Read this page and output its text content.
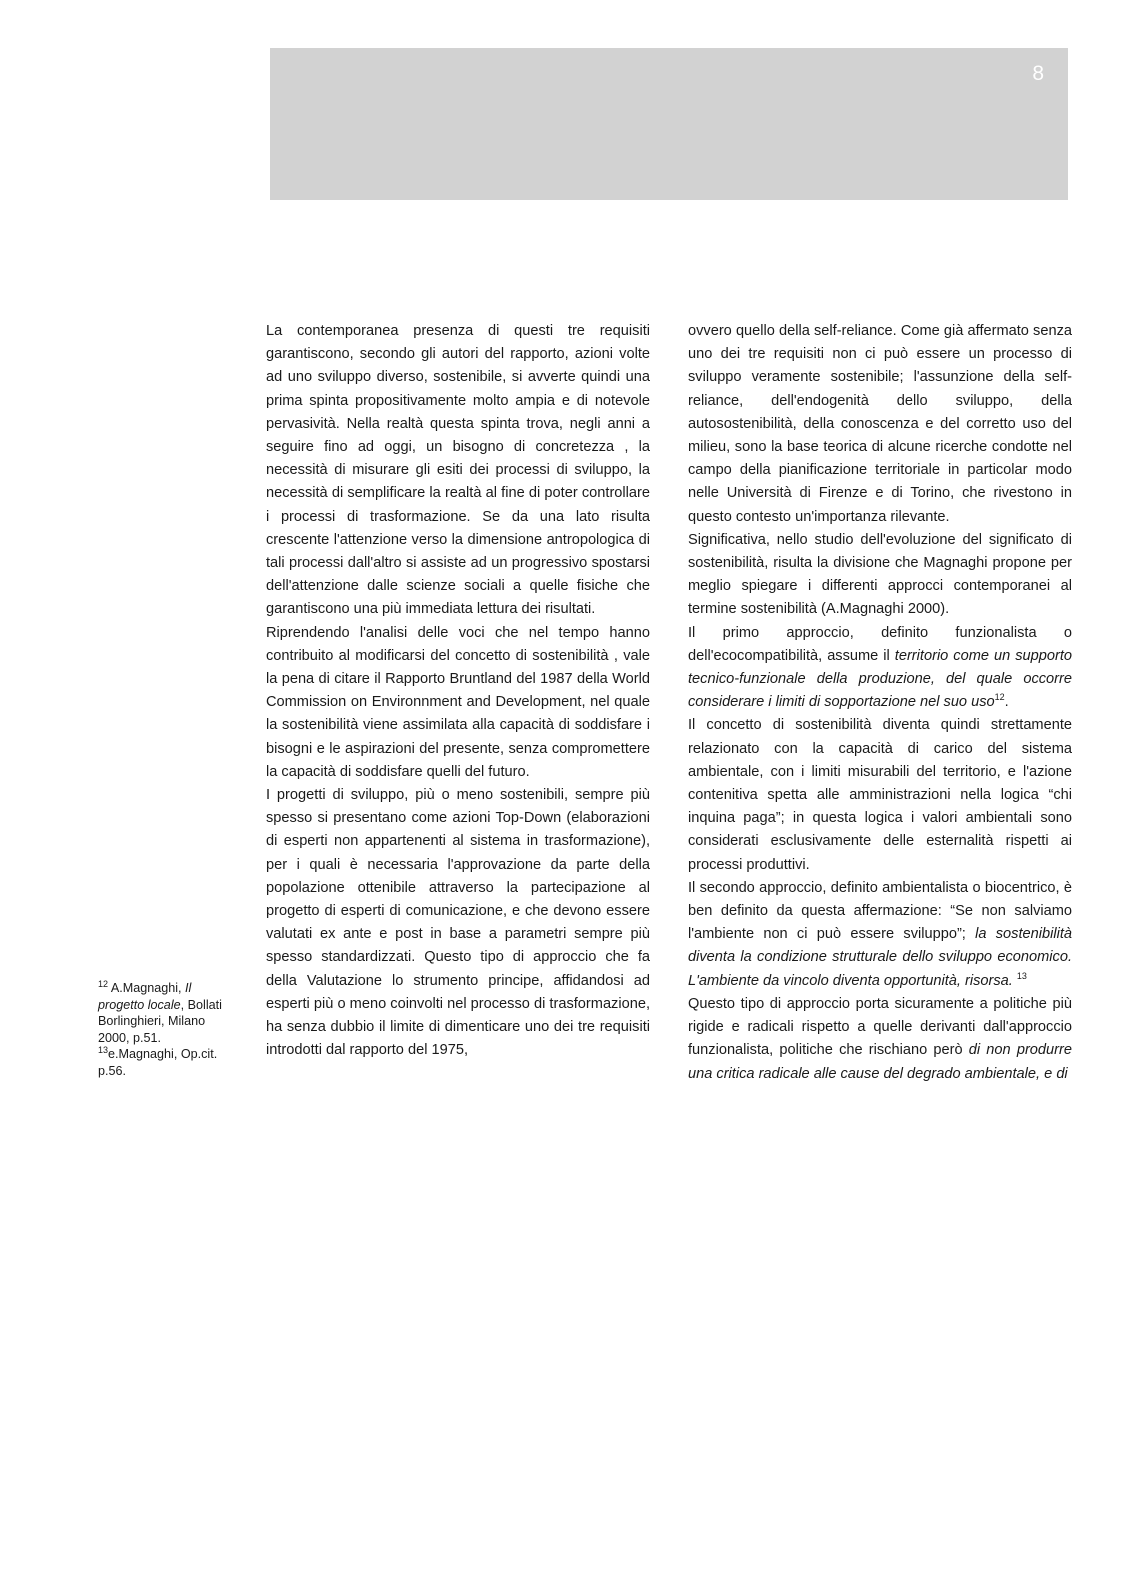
8

La contemporanea presenza di questi tre requisiti garantiscono, secondo gli autori del rapporto, azioni volte ad uno sviluppo diverso, sostenibile, si avverte quindi una prima spinta propositivamente molto ampia e di notevole pervasività. Nella realtà questa spinta trova, negli anni a seguire fino ad oggi, un bisogno di concretezza , la necessità di misurare gli esiti dei processi di sviluppo, la necessità di semplificare la realtà al fine di poter controllare i processi di trasformazione. Se da una lato risulta crescente l'attenzione verso la dimensione antropologica di tali processi dall'altro si assiste ad un progressivo spostarsi dell'attenzione dalle scienze sociali a quelle fisiche che garantiscono una più immediata lettura dei risultati.

Riprendendo l'analisi delle voci che nel tempo hanno contribuito al modificarsi del concetto di sostenibilità , vale la pena di citare il Rapporto Bruntland del 1987 della World Commission on Environnment and Development, nel quale la sostenibilità viene assimilata alla capacità di soddisfare i bisogni e le aspirazioni del presente, senza compromettere la capacità di soddisfare quelli del futuro.

I progetti di sviluppo, più o meno sostenibili, sempre più spesso si presentano come azioni Top-Down (elaborazioni di esperti non appartenenti al sistema in trasformazione), per i quali è necessaria l'approvazione da parte della popolazione ottenibile attraverso la partecipazione al progetto di esperti di comunicazione, e che devono essere valutati ex ante e post in base a parametri sempre più spesso standardizzati. Questo tipo di approccio che fa della Valutazione lo strumento principe, affidandosi ad esperti più o meno coinvolti nel processo di trasformazione, ha senza dubbio il limite di dimenticare uno dei tre requisiti introdotti dal rapporto del 1975,

ovvero quello della self-reliance. Come già affermato senza uno dei tre requisiti non ci può essere un processo di sviluppo veramente sostenibile; l'assunzione della self-reliance, dell'endogenità dello sviluppo, della autosostenibilità, della conoscenza e del corretto uso del milieu, sono la base teorica di alcune ricerche condotte nel campo della pianificazione territoriale in particolar modo nelle Università di Firenze e di Torino, che rivestono in questo contesto un'importanza rilevante.

Significativa, nello studio dell'evoluzione del significato di sostenibilità, risulta la divisione che Magnaghi propone per meglio spiegare i differenti approcci contemporanei al termine sostenibilità (A.Magnaghi 2000).

Il primo approccio, definito funzionalista o dell'ecocompatibilità, assume il territorio come un supporto tecnico-funzionale della produzione, del quale occorre considerare i limiti di sopportazione nel suo uso$^{12}$.

Il concetto di sostenibilità diventa quindi strettamente relazionato con la capacità di carico del sistema ambientale, con i limiti misurabili del territorio, e l'azione contenitiva spetta alle amministrazioni nella logica “chi inquina paga”; in questa logica i valori ambientali sono considerati esclusivamente delle esternalità rispetti ai processi produttivi.

Il secondo approccio, definito ambientalista o biocentrico, è ben definito da questa affermazione: “Se non salviamo l'ambiente non ci può essere sviluppo”; la sostenibilità diventa la condizione strutturale dello sviluppo economico. L'ambiente da vincolo diventa opportunità, risorsa. $^{13}$

Questo tipo di approccio porta sicuramente a politiche più rigide e radicali rispetto a quelle derivanti dall'approccio funzionalista, politiche che rischiano però di non produrre una critica radicale alle cause del degrado ambientale, e di

$^{12}$ A.Magnaghi, Il progetto locale, Bollati Borlinghieri, Milano 2000, p.51.

$^{13}$e.Magnaghi, Op.cit. p.56.
